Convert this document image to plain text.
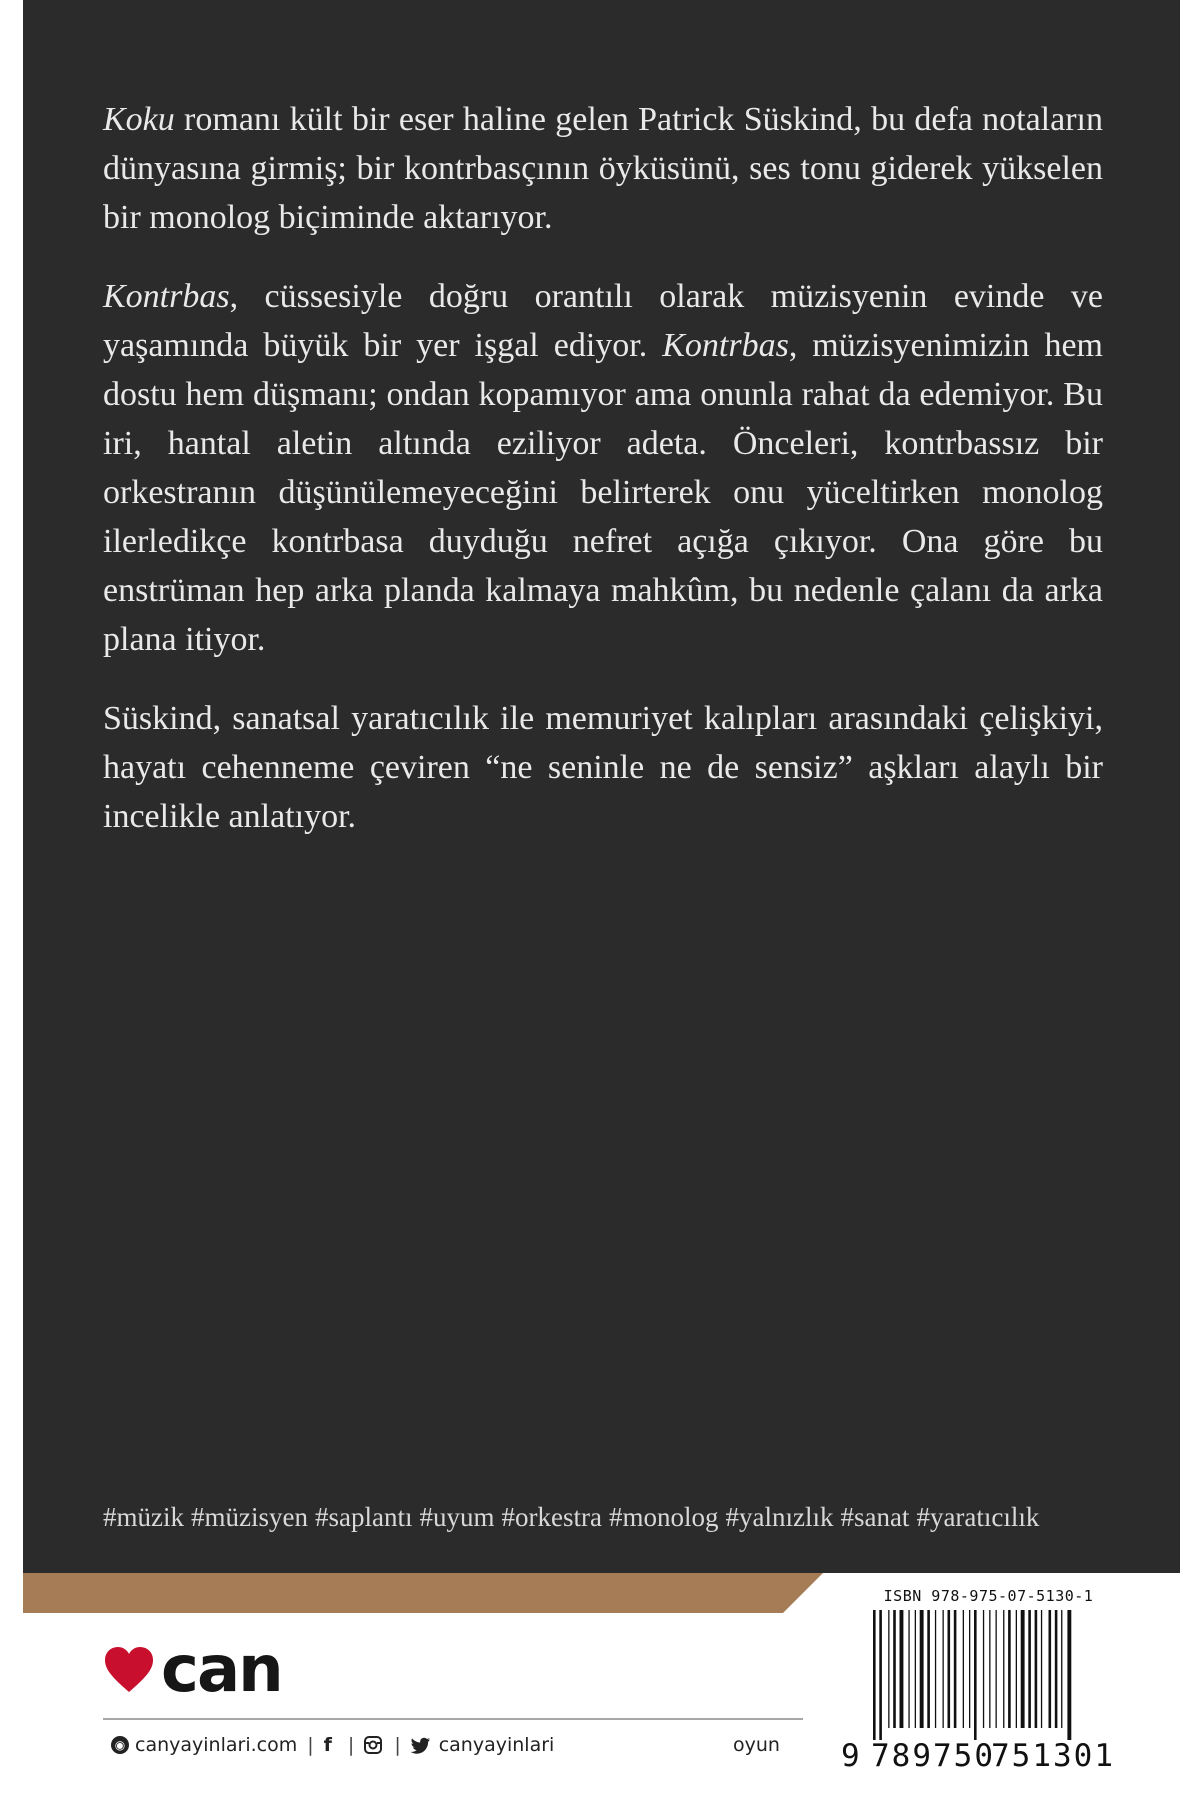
Koku romanı kült bir eser haline gelen Patrick Süskind, bu defa notaların dünyasına girmiş; bir kontrbasçının öyküsünü, ses tonu giderek yükselen bir monolog biçiminde aktarıyor.

Kontrbas, cüssesiyle doğru orantılı olarak müzisyenin evinde ve yaşamında büyük bir yer işgal ediyor. Kontrbas, müzisyenimizin hem dostu hem düşmanı; ondan kopamıyor ama onunla rahat da edemiyor. Bu iri, hantal aletin altında eziliyor adeta. Önceleri, kontrbassız bir orkestranın düşünülemeyeceğini belirterek onu yüceltirken monolog ilerledikçe kontrbasa duyduğu nefret açığa çıkıyor. Ona göre bu enstrüman hep arka planda kalmaya mahkûm, bu nedenle çalanı da arka plana itiyor.

Süskind, sanatsal yaratıcılık ile memuriyet kalıpları arasındaki çelişkiyi, hayatı cehenneme çeviren “ne seninle ne de sensiz” aşkları alaylı bir incelikle anlatıyor.

#müzik #müzisyen #saplantı #uyum #orkestra #monolog #yalnızlık #sanat #yaratıcılık
can
◉ canyayinlari.com | f | | canyayinlari	oyun
ISBN 978-975-07-5130-1
9 789750
751301
